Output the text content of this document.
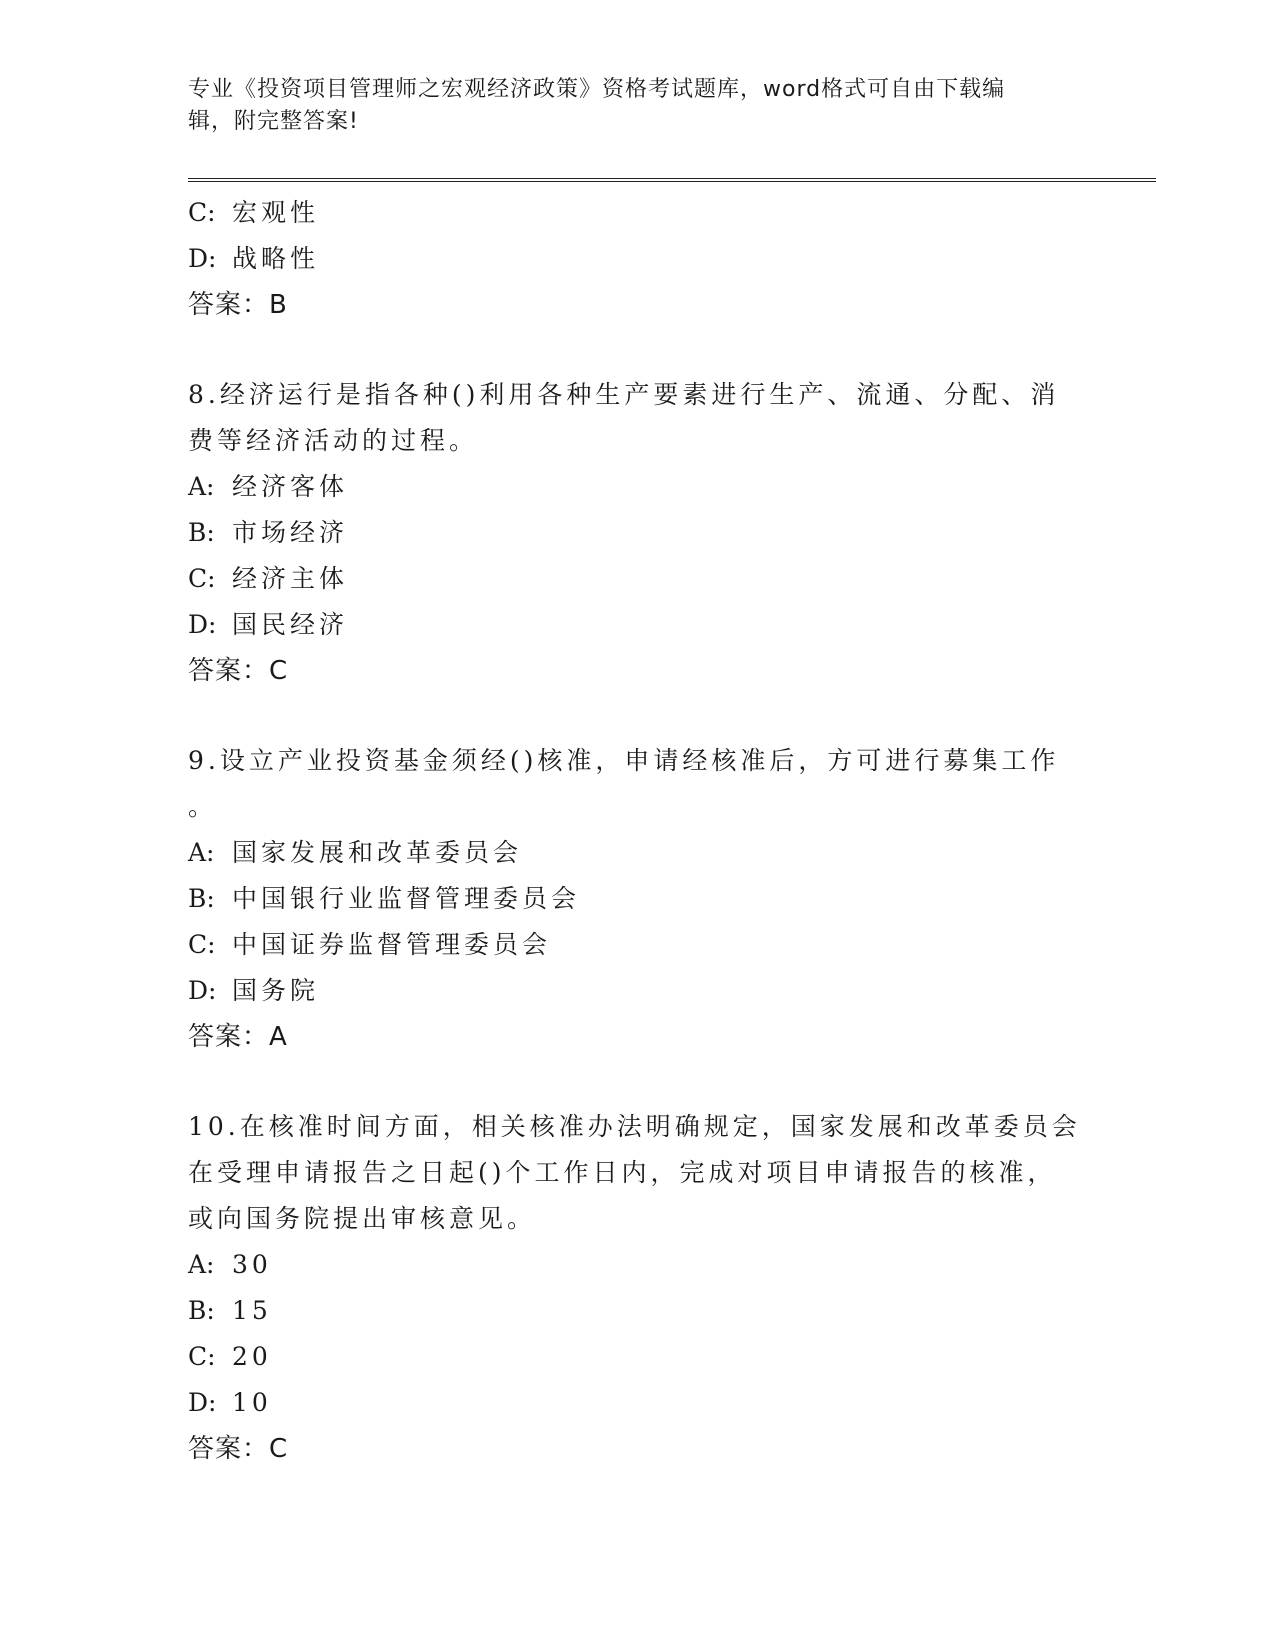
专业《投资项目管理师之宏观经济政策》资格考试题库，word格式可自由下载编
辑，附完整答案!
C: 宏观性
D: 战略性
答案：B
8.经济运行是指各种()利用各种生产要素进行生产、流通、分配、消
费等经济活动的过程。
A: 经济客体
B: 市场经济
C: 经济主体
D: 国民经济
答案：C
9.设立产业投资基金须经()核准，申请经核准后，方可进行募集工作
。
A: 国家发展和改革委员会
B: 中国银行业监督管理委员会
C: 中国证券监督管理委员会
D: 国务院
答案：A
10.在核准时间方面，相关核准办法明确规定，国家发展和改革委员会
在受理申请报告之日起()个工作日内，完成对项目申请报告的核准，
或向国务院提出审核意见。
A: 30
B: 15
C: 20
D: 10
答案：C
